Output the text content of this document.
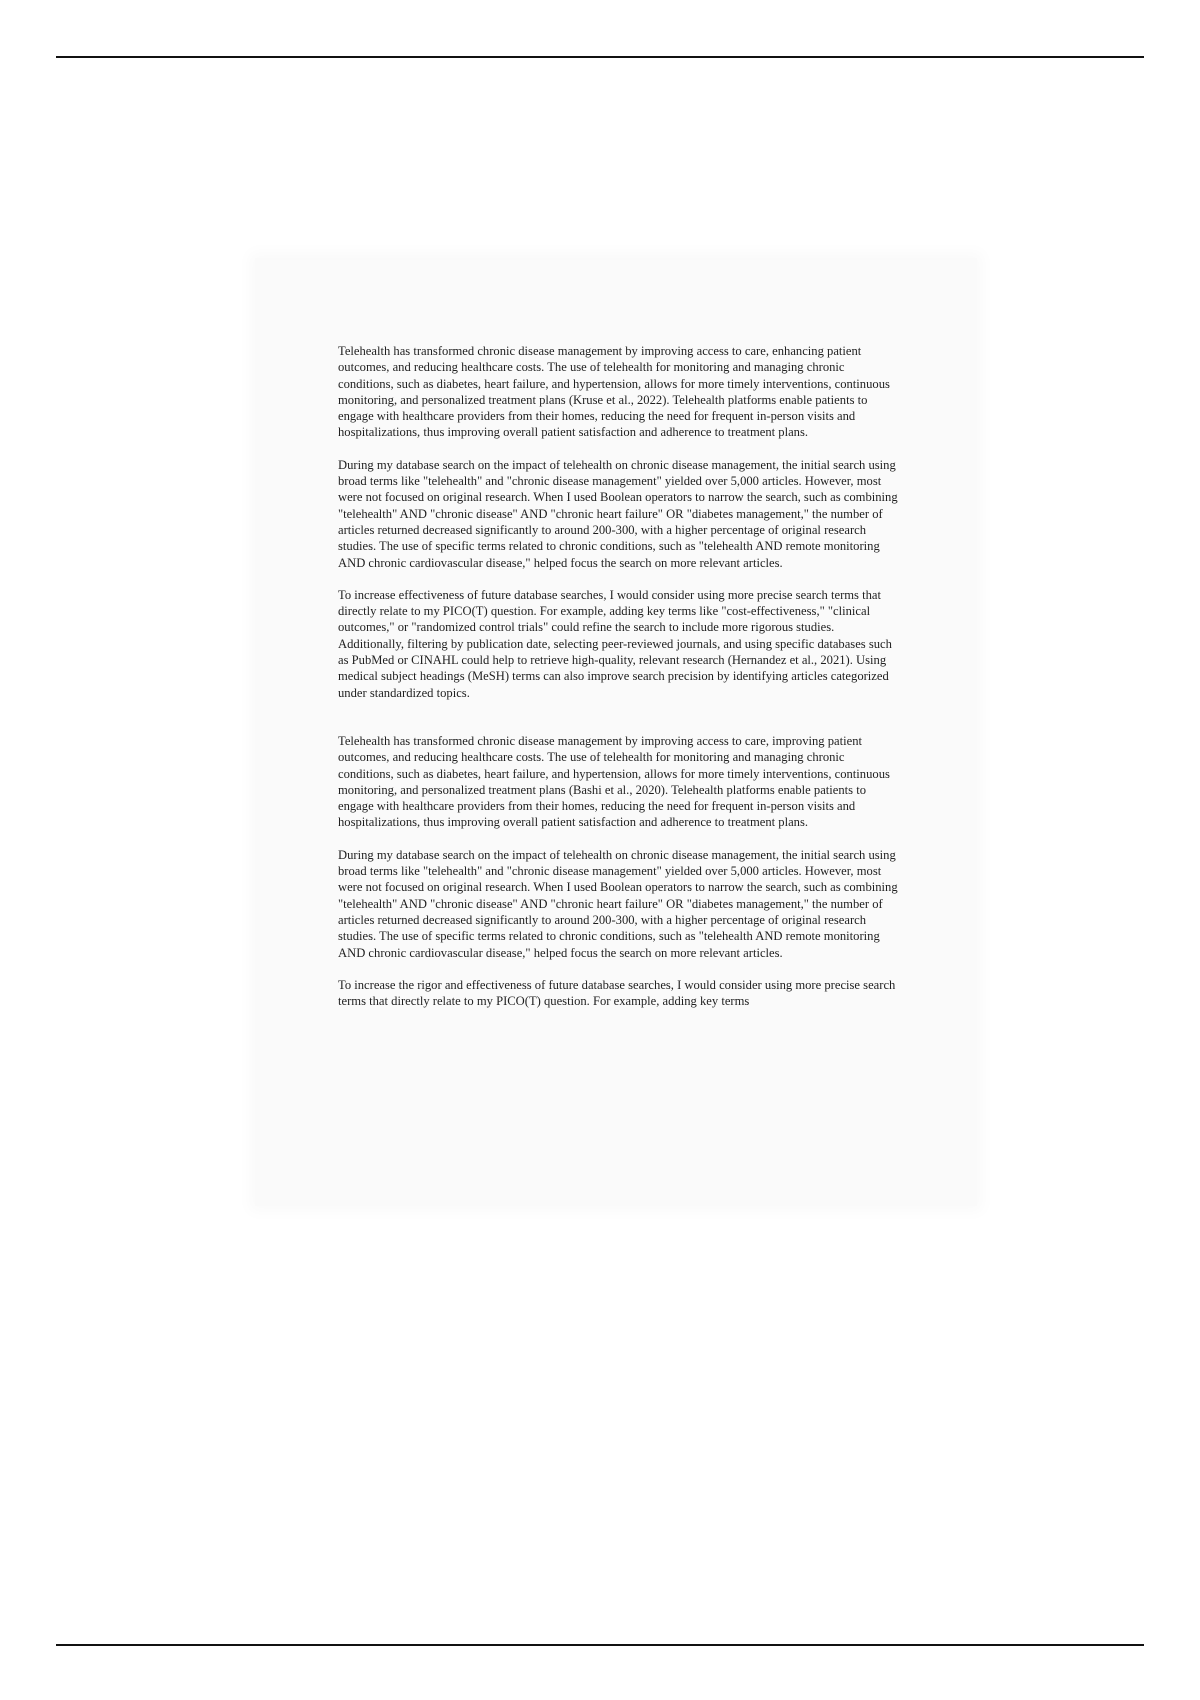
Telehealth has transformed chronic disease management by improving access to care, enhancing patient outcomes, and reducing healthcare costs. The use of telehealth for monitoring and managing chronic conditions, such as diabetes, heart failure, and hypertension, allows for more timely interventions, continuous monitoring, and personalized treatment plans (Kruse et al., 2022). Telehealth platforms enable patients to engage with healthcare providers from their homes, reducing the need for frequent in-person visits and hospitalizations, thus improving overall patient satisfaction and adherence to treatment plans.

During my database search on the impact of telehealth on chronic disease management, the initial search using broad terms like "telehealth" and "chronic disease management" yielded over 5,000 articles. However, most were not focused on original research. When I used Boolean operators to narrow the search, such as combining "telehealth" AND "chronic disease" AND "chronic heart failure" OR "diabetes management," the number of articles returned decreased significantly to around 200-300, with a higher percentage of original research studies. The use of specific terms related to chronic conditions, such as "telehealth AND remote monitoring AND chronic cardiovascular disease," helped focus the search on more relevant articles.

To increase effectiveness of future database searches, I would consider using more precise search terms that directly relate to my PICO(T) question. For example, adding key terms like "cost-effectiveness," "clinical outcomes," or "randomized control trials" could refine the search to include more rigorous studies. Additionally, filtering by publication date, selecting peer-reviewed journals, and using specific databases such as PubMed or CINAHL could help to retrieve high-quality, relevant research (Hernandez et al., 2021). Using medical subject headings (MeSH) terms can also improve search precision by identifying articles categorized under standardized topics.

Telehealth has transformed chronic disease management by improving access to care, improving patient outcomes, and reducing healthcare costs. The use of telehealth for monitoring and managing chronic conditions, such as diabetes, heart failure, and hypertension, allows for more timely interventions, continuous monitoring, and personalized treatment plans (Bashi et al., 2020). Telehealth platforms enable patients to engage with healthcare providers from their homes, reducing the need for frequent in-person visits and hospitalizations, thus improving overall patient satisfaction and adherence to treatment plans.

During my database search on the impact of telehealth on chronic disease management, the initial search using broad terms like "telehealth" and "chronic disease management" yielded over 5,000 articles. However, most were not focused on original research. When I used Boolean operators to narrow the search, such as combining "telehealth" AND "chronic disease" AND "chronic heart failure" OR "diabetes management," the number of articles returned decreased significantly to around 200-300, with a higher percentage of original research studies. The use of specific terms related to chronic conditions, such as "telehealth AND remote monitoring AND chronic cardiovascular disease," helped focus the search on more relevant articles.

To increase the rigor and effectiveness of future database searches, I would consider using more precise search terms that directly relate to my PICO(T) question. For example, adding key terms
